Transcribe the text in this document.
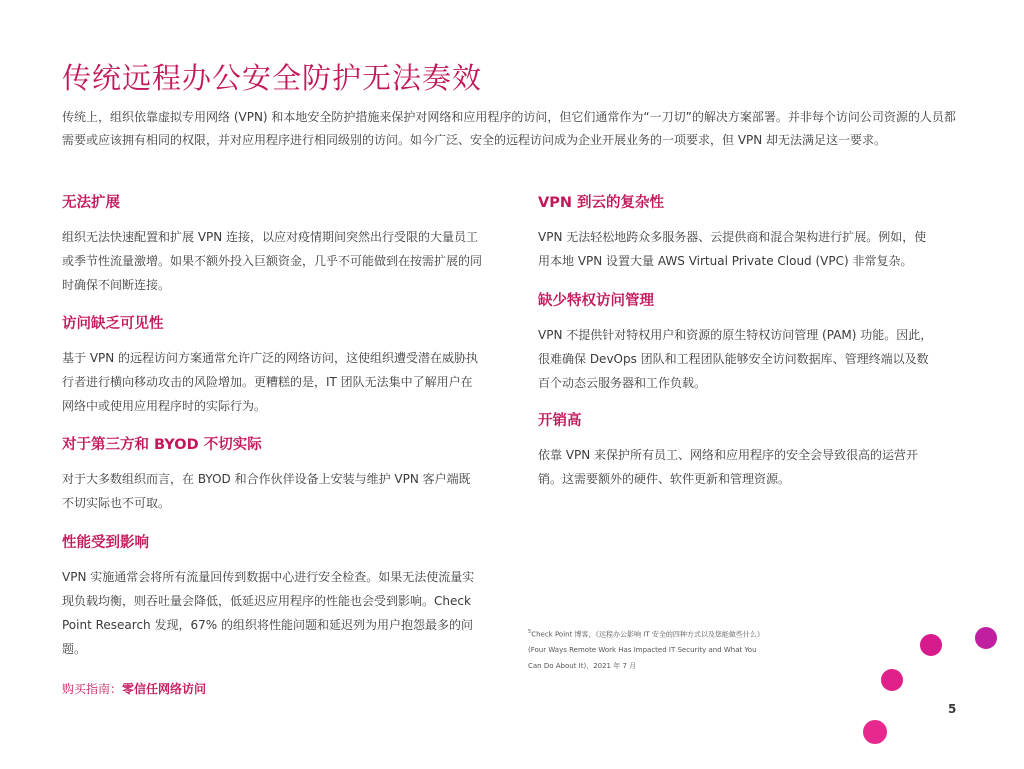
传统远程办公安全防护无法奏效

传统上，组织依靠虚拟专用网络 (VPN) 和本地安全防护措施来保护对网络和应用程序的访问，但它们通常作为“一刀切”的解决方案部署。并非每个访问公司资源的人员都需要或应该拥有相同的权限，并对应用程序进行相同级别的访问。如今广泛、安全的远程访问成为企业开展业务的一项要求，但 VPN 却无法满足这一要求。

无法扩展

组织无法快速配置和扩展 VPN 连接，以应对疫情期间突然出行受限的大量员工或季节性流量激增。如果不额外投入巨额资金，几乎不可能做到在按需扩展的同时确保不间断连接。

访问缺乏可见性

基于 VPN 的远程访问方案通常允许广泛的网络访问，这使组织遭受潜在威胁执行者进行横向移动攻击的风险增加。更糟糕的是，IT 团队无法集中了解用户在网络中或使用应用程序时的实际行为。

对于第三方和 BYOD 不切实际

对于大多数组织而言，在 BYOD 和合作伙伴设备上安装与维护 VPN 客户端既不切实际也不可取。

性能受到影响

VPN 实施通常会将所有流量回传到数据中心进行安全检查。如果无法使流量实现负载均衡，则吞吐量会降低，低延迟应用程序的性能也会受到影响。Check Point Research 发现，67% 的组织将性能问题和延迟列为用户抱怨最多的问题。

VPN 到云的复杂性

VPN 无法轻松地跨众多服务器、云提供商和混合架构进行扩展。例如，使用本地 VPN 设置大量 AWS Virtual Private Cloud (VPC) 非常复杂。

缺少特权访问管理

VPN 不提供针对特权用户和资源的原生特权访问管理 (PAM) 功能。因此，很难确保 DevOps 团队和工程团队能够安全访问数据库、管理终端以及数百个动态云服务器和工作负载。

开销高

依靠 VPN 来保护所有员工、网络和应用程序的安全会导致很高的运营开销。这需要额外的硬件、软件更新和管理资源。

$^5$Check Point 博客，《远程办公影响 IT 安全的四种方式以及您能做些什么》(Four Ways Remote Work Has Impacted IT Security and What You Can Do About It)，2021 年 7 月

购买指南：零信任网络访问

5
